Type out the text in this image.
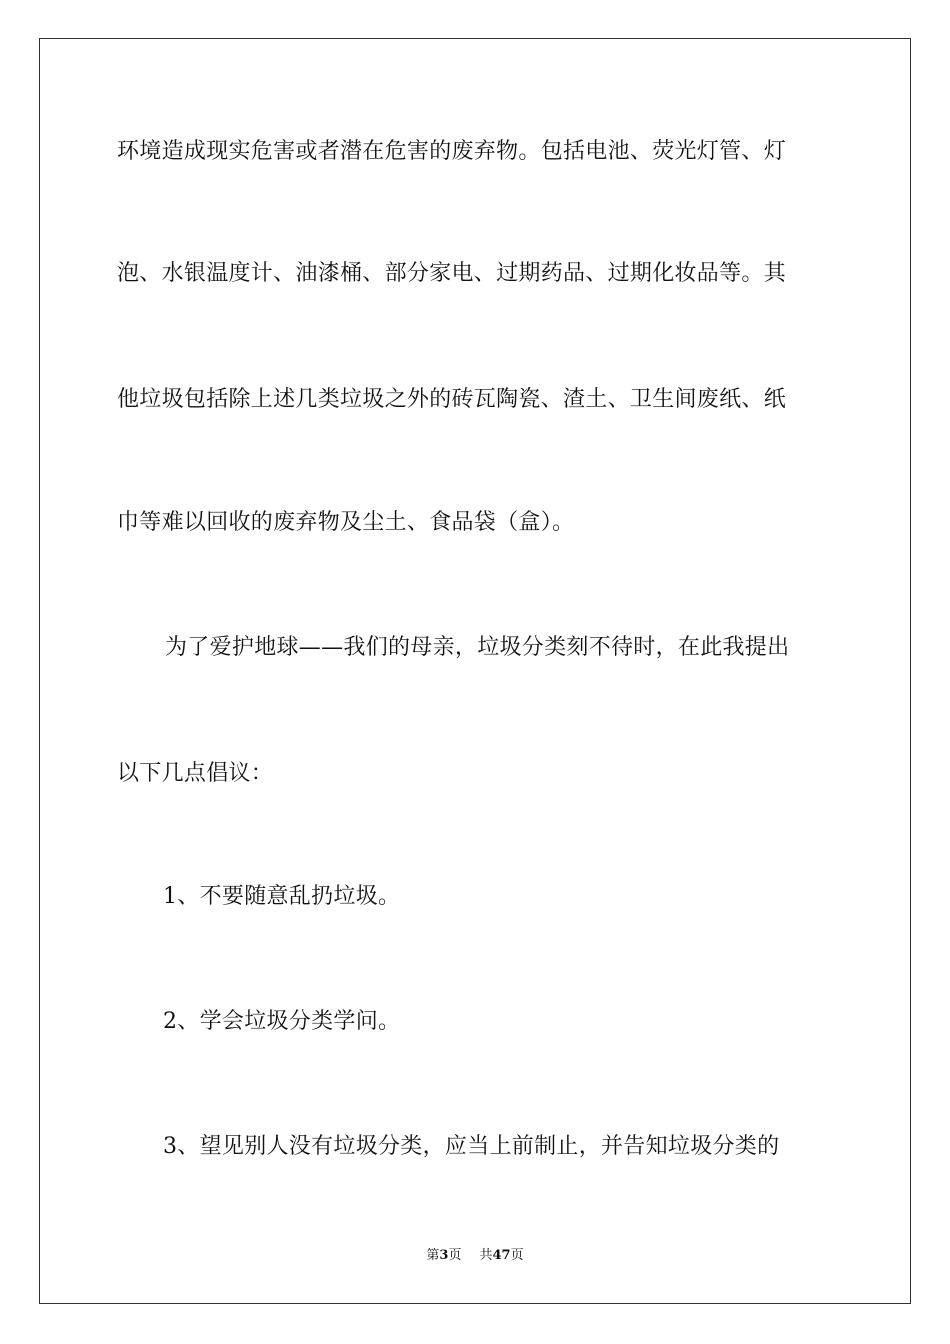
环境造成现实危害或者潜在危害的废弃物。包括电池、荧光灯管、灯
泡、水银温度计、油漆桶、部分家电、过期药品、过期化妆品等。其
他垃圾包括除上述几类垃圾之外的砖瓦陶瓷、渣土、卫生间废纸、纸
巾等难以回收的废弃物及尘土、食品袋（盒）。
为了爱护地球——我们的母亲，垃圾分类刻不待时，在此我提出
以下几点倡议：
1、不要随意乱扔垃圾。
2、学会垃圾分类学问。
3、望见别人没有垃圾分类，应当上前制止，并告知垃圾分类的
第3页 共47页
